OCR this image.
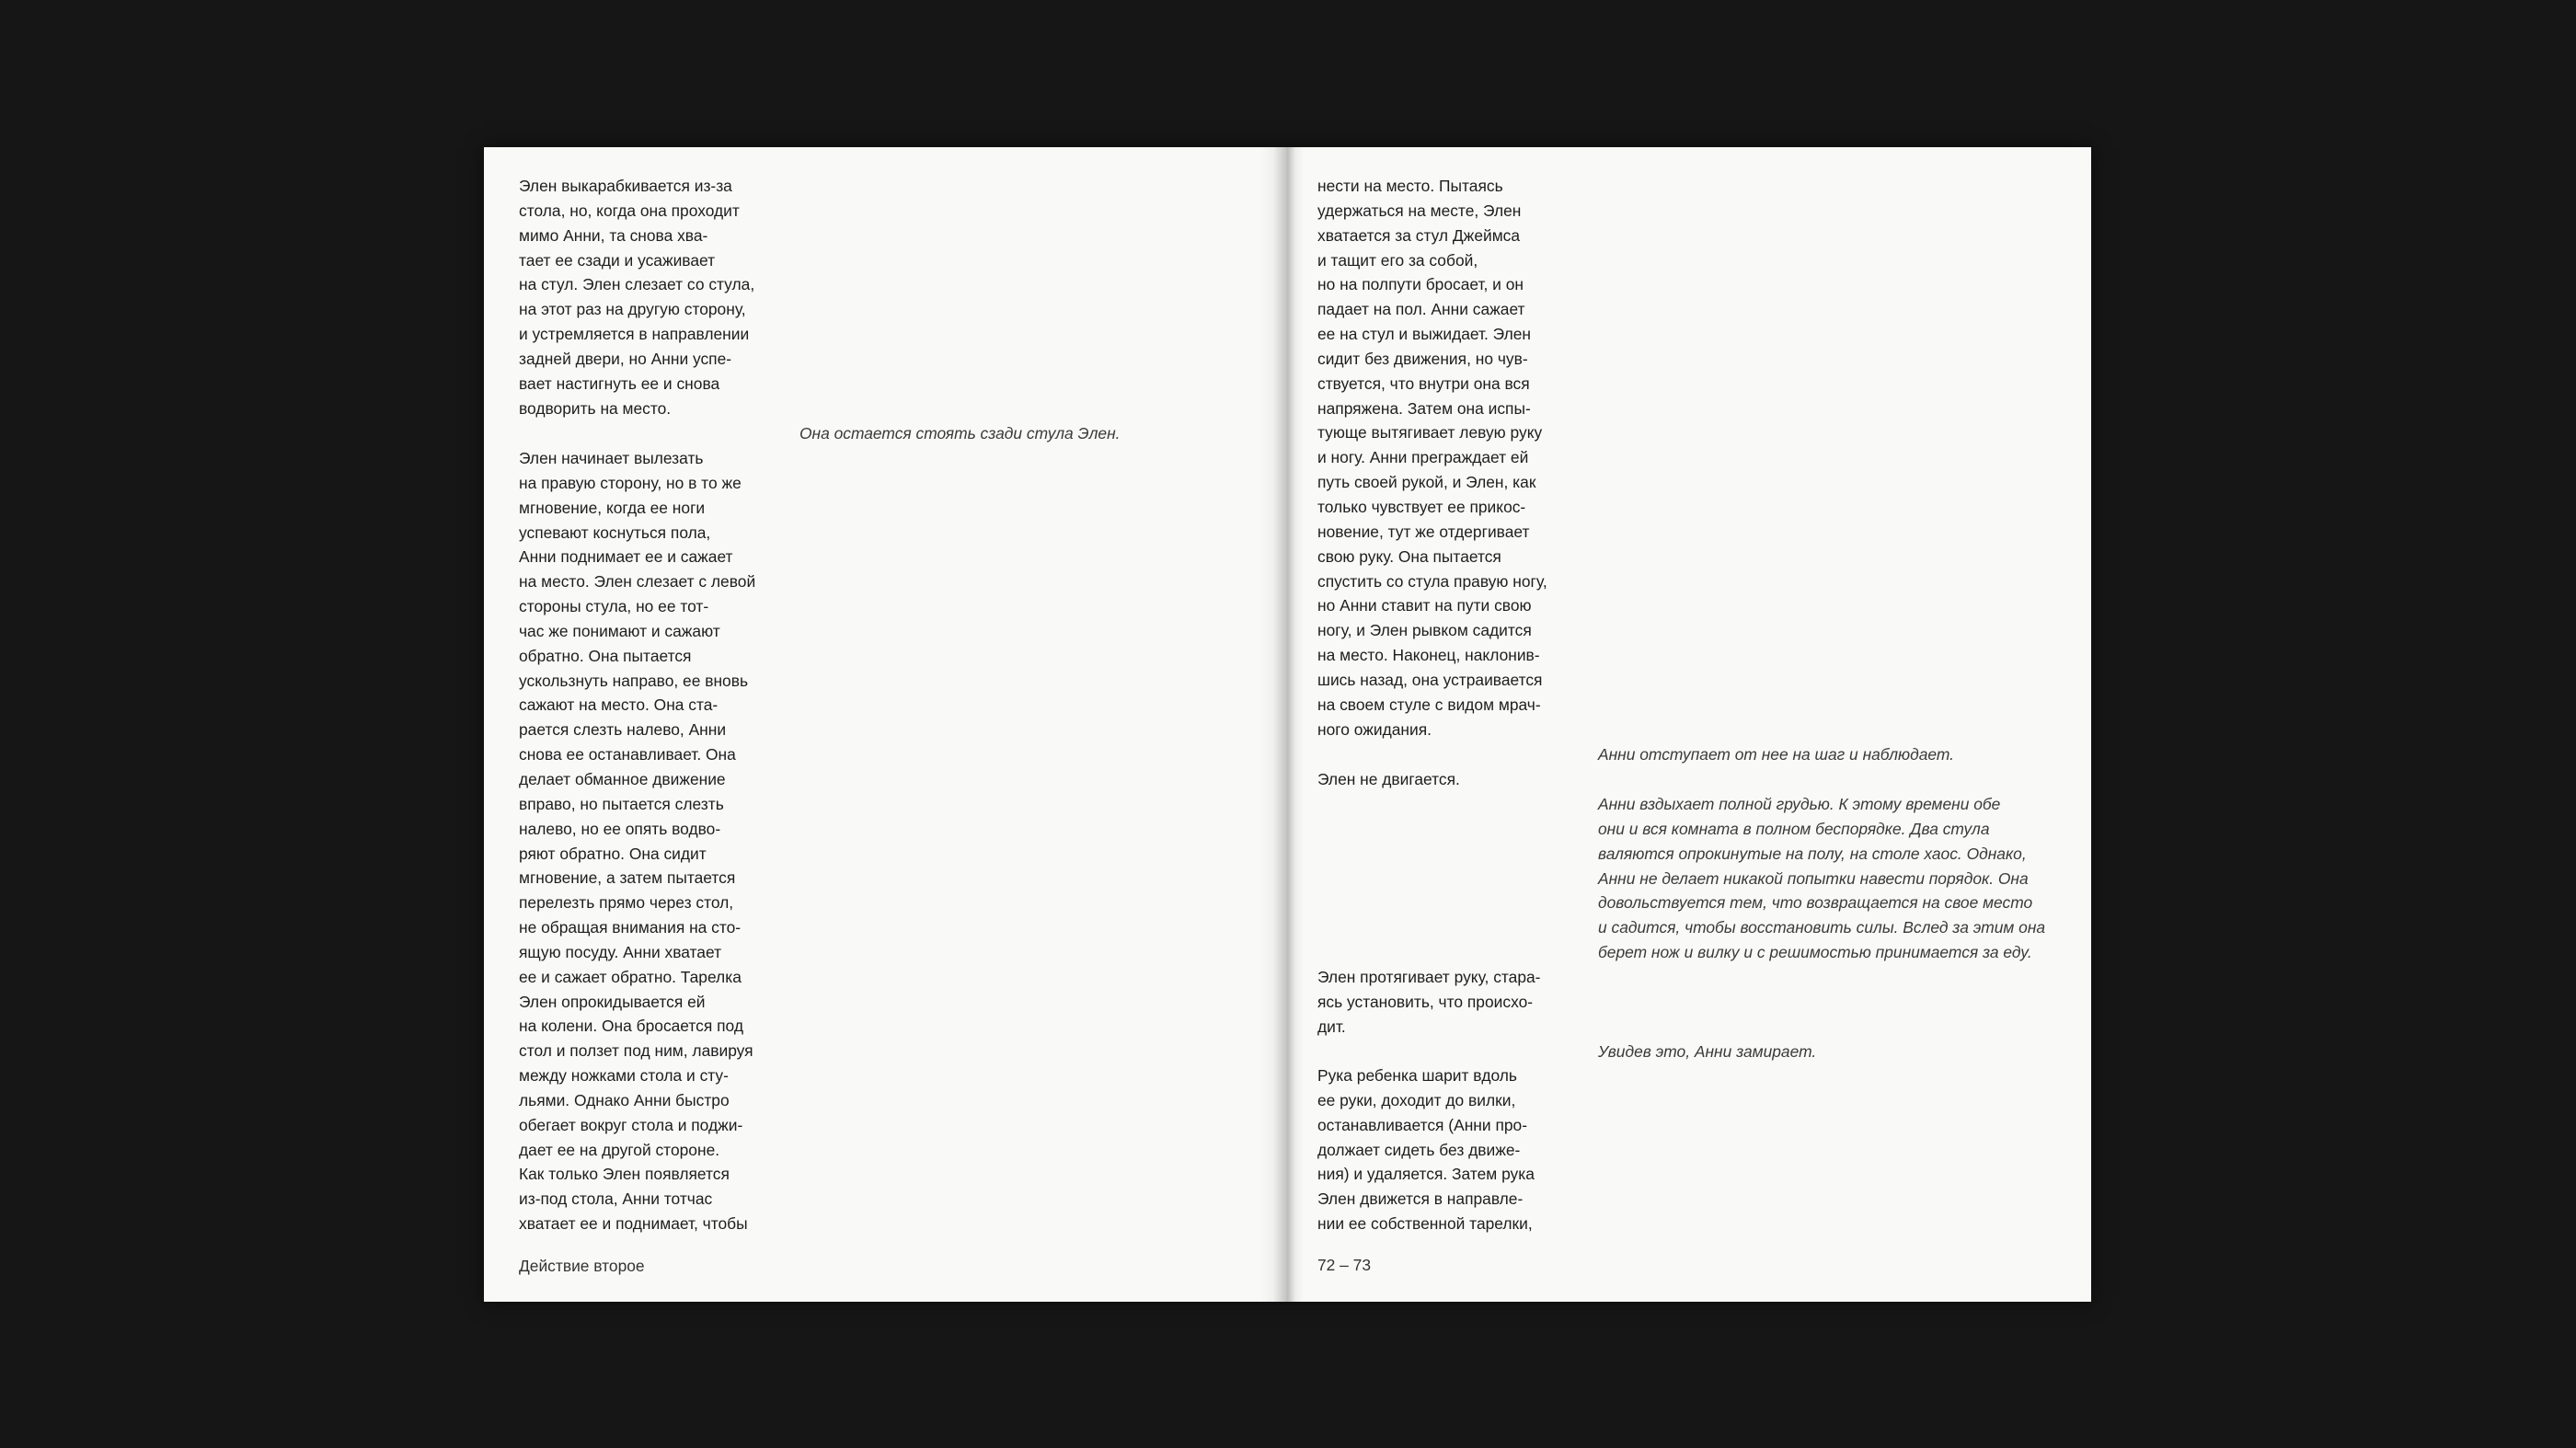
Элен выкарабкивается из-за
стола, но, когда она проходит
мимо Анни, та снова хва-
тает ее сзади и усаживает
на стул. Элен слезает со стула,
на этот раз на другую сторону,
и устремляется в направлении
задней двери, но Анни успе-
вает настигнуть ее и снова
водворить на место.

Она остается стоять сзади стула Элен.

Элен начинает вылезать
на правую сторону, но в то же
мгновение, когда ее ноги
успевают коснуться пола,
Анни поднимает ее и сажает
на место. Элен слезает с левой
стороны стула, но ее тот-
час же понимают и сажают
обратно. Она пытается
ускользнуть направо, ее вновь
сажают на место. Она ста-
рается слезть налево, Анни
снова ее останавливает. Она
делает обманное движение
вправо, но пытается слезть
налево, но ее опять водво-
ряют обратно. Она сидит
мгновение, а затем пытается
перелезть прямо через стол,
не обращая внимания на сто-
ящую посуду. Анни хватает
ее и сажает обратно. Тарелка
Элен опрокидывается ей
на колени. Она бросается под
стол и ползет под ним, лавируя
между ножками стола и сту-
льями. Однако Анни быстро
обегает вокруг стола и поджи-
дает ее на другой стороне.
Как только Элен появляется
из-под стола, Анни тотчас
хватает ее и поднимает, чтобы

Действие второе

нести на место. Пытаясь
удержаться на месте, Элен
хватается за стул Джеймса
и тащит его за собой,
но на полпути бросает, и он
падает на пол. Анни сажает
ее на стул и выжидает. Элен
сидит без движения, но чув-
ствуется, что внутри она вся
напряжена. Затем она испы-
тующе вытягивает левую руку
и ногу. Анни преграждает ей
путь своей рукой, и Элен, как
только чувствует ее прикос-
новение, тут же отдергивает
свою руку. Она пытается
спустить со стула правую ногу,
но Анни ставит на пути свою
ногу, и Элен рывком садится
на место. Наконец, наклонив-
шись назад, она устраивается
на своем стуле с видом мрач-
ного ожидания.

Элен не двигается.

Элен протягивает руку, стара-
ясь установить, что происхо-
дит.

Рука ребенка шарит вдоль
ее руки, доходит до вилки,
останавливается (Анни про-
должает сидеть без движе-
ния) и удаляется. Затем рука
Элен движется в направле-
нии ее собственной тарелки,

Анни отступает от нее на шаг и наблюдает.

Анни вздыхает полной грудью. К этому времени обе
они и вся комната в полном беспорядке. Два стула
валяются опрокинутые на полу, на столе хаос. Однако,
Анни не делает никакой попытки навести порядок. Она
довольствуется тем, что возвращается на свое место
и садится, чтобы восстановить силы. Вслед за этим она
берет нож и вилку и с решимостью принимается за еду.

Увидев это, Анни замирает.

72 – 73
